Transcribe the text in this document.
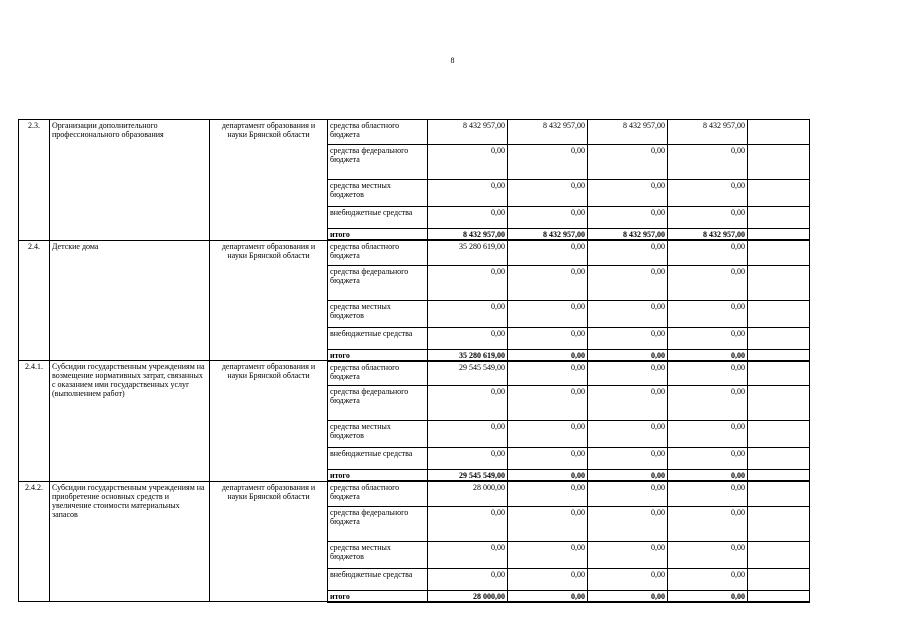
8
2.3.	Организации дополнительного профессионального образования	департамент образования и науки Брянской области	средства областного бюджета	8 432 957,00	8 432 957,00	8 432 957,00	8 432 957,00	
			средства федерального бюджета	0,00	0,00	0,00	0,00	
			средства местных бюджетов	0,00	0,00	0,00	0,00	
			внебюджетные средства	0,00	0,00	0,00	0,00	
			итого	8 432 957,00	8 432 957,00	8 432 957,00	8 432 957,00	
2.4.	Детские дома	департамент образования и науки Брянской области	средства областного бюджета	35 280 619,00	0,00	0,00	0,00	
			средства федерального бюджета	0,00	0,00	0,00	0,00	
			средства местных бюджетов	0,00	0,00	0,00	0,00	
			внебюджетные средства	0,00	0,00	0,00	0,00	
			итого	35 280 619,00	0,00	0,00	0,00	
2.4.1.	Субсидии государственным учреждениям на возмещение нормативных затрат, связанных с оказанием ими государственных услуг (выполнением работ)	департамент образования и науки Брянской области	средства областного бюджета	29 545 549,00	0,00	0,00	0,00	
			средства федерального бюджета	0,00	0,00	0,00	0,00	
			средства местных бюджетов	0,00	0,00	0,00	0,00	
			внебюджетные средства	0,00	0,00	0,00	0,00	
			итого	29 545 549,00	0,00	0,00	0,00	
2.4.2.	Субсидии государственным учреждениям на приобретение основных средств и увеличение стоимости материальных запасов	департамент образования и науки Брянской области	средства областного бюджета	28 000,00	0,00	0,00	0,00	
			средства федерального бюджета	0,00	0,00	0,00	0,00	
			средства местных бюджетов	0,00	0,00	0,00	0,00	
			внебюджетные средства	0,00	0,00	0,00	0,00	
			итого	28 000,00	0,00	0,00	0,00	
